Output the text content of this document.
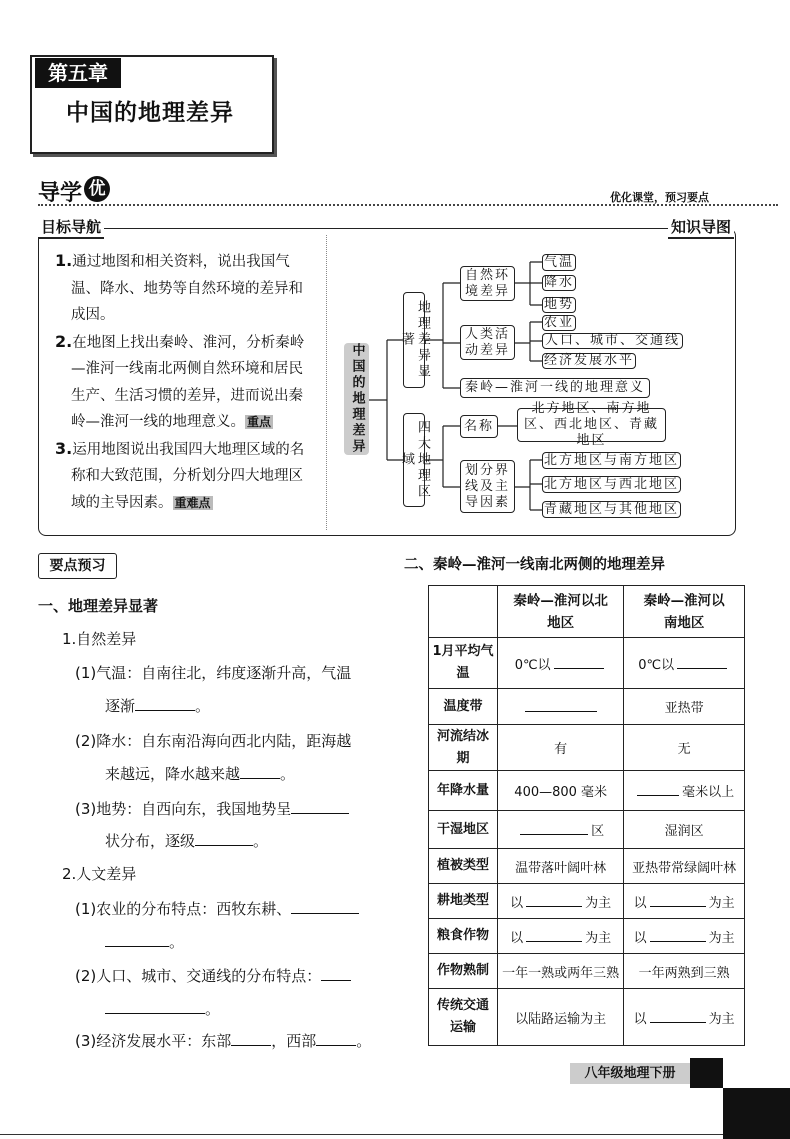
第五章
中国的地理差异
导学 优	优化课堂，预习要点
目标导航	知识导图
1.通过地图和相关资料，说出我国气温、降水、地势等自然环境的差异和成因。
2.在地图上找出秦岭、淮河，分析秦岭—淮河一线南北两侧自然环境和居民生产、生活习惯的差异，进而说出秦岭—淮河一线的地理意义。 重点
3.运用地图说出我国四大地理区域的名称和大致范围，分析划分四大地理区域的主导因素。 重难点
中国的地理差异
地理差异显著
四大地理区域
自然环境差异
人类活动差异
秦岭—淮河一线的地理意义
名称
划分界线及主导因素
气温
降水
地势
农业
人口、城市、交通线
经济发展水平
北方地区、南方地区、西北地区、青藏地区
北方地区与南方地区
北方地区与西北地区
青藏地区与其他地区
要点预习
一、地理差异显著
1.自然差异
(1)气温：自南往北，纬度逐渐升高，气温
逐渐	。
(2)降水：自东南沿海向西北内陆，距海越
来越远，降水越来越	。
(3)地势：自西向东，我国地势呈
状分布，逐级	。
2.人文差异
(1)农业的分布特点：西牧东耕、
。
(2)人口、城市、交通线的分布特点：
。
(3)经济发展水平：东部	，西部	。
二、秦岭—淮河一线南北两侧的地理差异
	秦岭—淮河以北地区	秦岭—淮河以南地区
1月平均气温	0℃以	0℃以
温度带		亚热带
河流结冰期	有	无
年降水量	400—800 毫米	毫米以上
干湿地区	区	湿润区
植被类型	温带落叶阔叶林	亚热带常绿阔叶林
耕地类型	以 为主	以 为主
粮食作物	以 为主	以 为主
作物熟制	一年一熟或两年三熟	一年两熟到三熟
传统交通运输	以陆路运输为主	以 为主
八年级地理下册
